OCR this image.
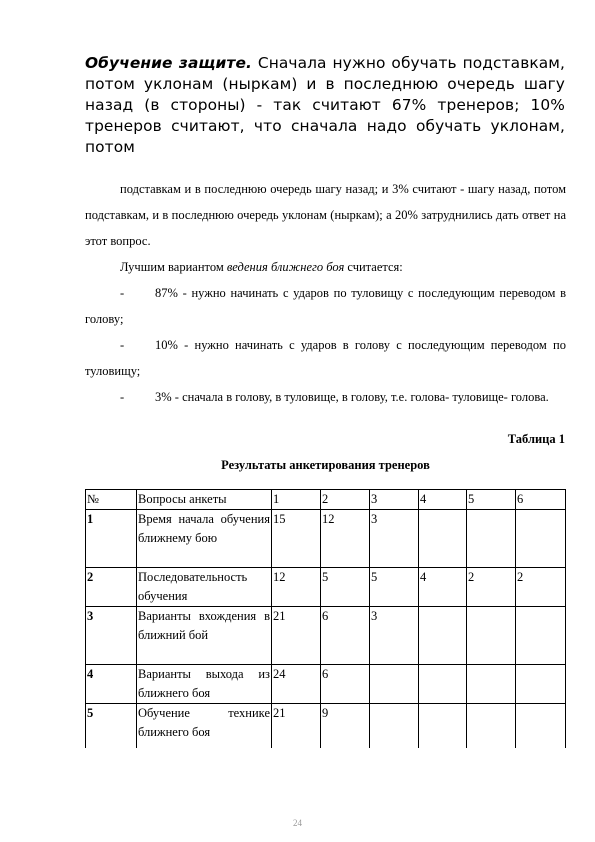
Обучение защите. Сначала нужно обучать подставкам, потом уклонам (ныркам) и в последнюю очередь шагу назад (в стороны) - так считают 67% тренеров; 10% тренеров считают, что сначала надо обучать уклонам, потом
подставкам и в последнюю очередь шагу назад; и 3% считают - шагу назад, потом подставкам, и в последнюю очередь уклонам (ныркам); а 20% затруднились дать ответ на этот вопрос.
Лучшим вариантом ведения ближнего боя считается:
- 87% - нужно начинать с ударов по туловищу с последующим переводом в голову;
- 10% - нужно начинать с ударов в голову с последующим переводом по туловищу;
- 3% - сначала в голову, в туловище, в голову, т.е. голова- туловище- голова.
Таблица 1
Результаты анкетирования тренеров
№	Вопросы анкеты	1	2	3	4	5	6
1	Время начала обучения ближнему бою	15	12	3			
2	Последовательность обучения	12	5	5	4	2	2
3	Варианты вхождения в ближний бой	21	6	3			
4	Варианты выхода из ближнего боя	24	6				
5	Обучение технике ближнего боя	21	9				
24
